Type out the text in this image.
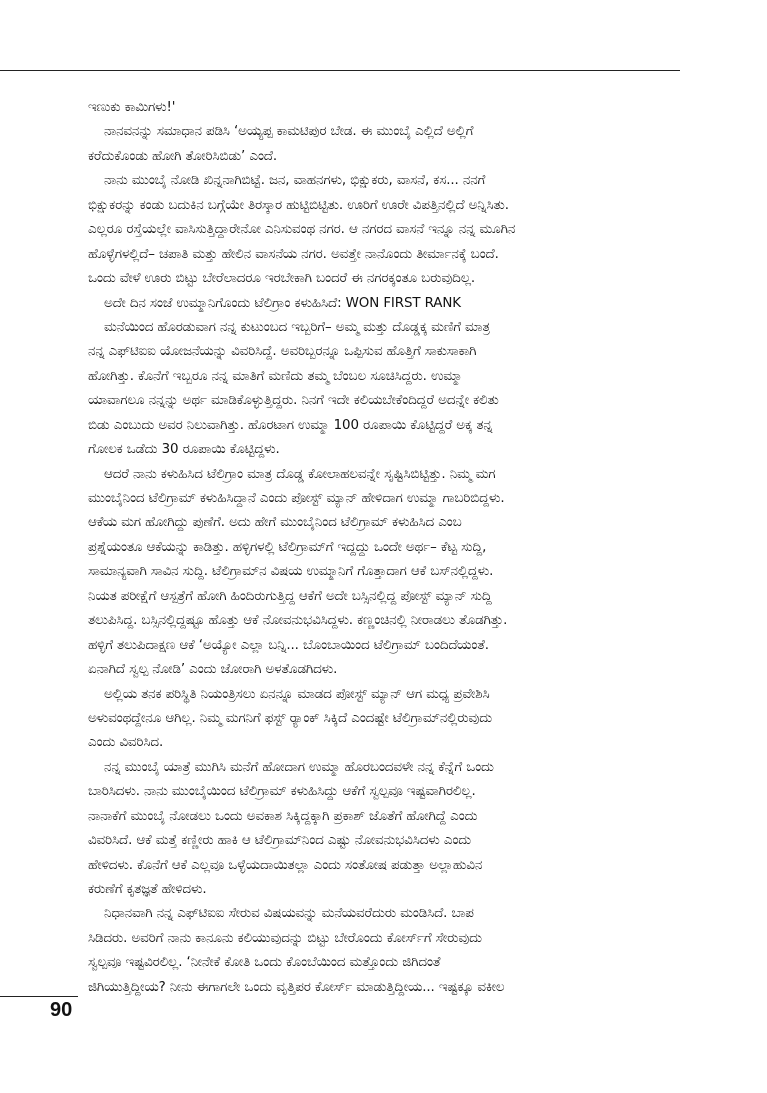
ಇಣುಕು ಕಾಮಿಗಳು!'
ನಾನವನನ್ನು ಸಮಾಧಾನ ಪಡಿಸಿ ‘ಅಯ್ಯಪ್ಪ ಕಾಮಟಿಪುರ ಬೇಡ. ಈ ಮುಂಬೈ ಎಲ್ಲಿದೆ ಅಲ್ಲಿಗೆ
ಕರೆದುಕೊಂಡು ಹೋಗಿ ತೋರಿಸಿಬಿಡು’ ಎಂದೆ.
ನಾನು ಮುಂಬೈ ನೋಡಿ ಖಿನ್ನನಾಗಿಬಿಟ್ಟೆ. ಜನ, ವಾಹನಗಳು, ಭಿಕ್ಷುಕರು, ವಾಸನೆ, ಕಸ... ನನಗೆ
ಭಿಕ್ಷುಕರನ್ನು ಕಂಡು ಬದುಕಿನ ಬಗ್ಗೆಯೇ ತಿರಸ್ಕಾರ ಹುಟ್ಟಿಬಿಟ್ಟಿತು. ಊರಿಗೆ ಊರೇ ವಿಪತ್ತಿನಲ್ಲಿದೆ ಅನ್ನಿಸಿತು.
ಎಲ್ಲರೂ ರಸ್ತೆಯಲ್ಲೇ ವಾಸಿಸುತ್ತಿದ್ದಾರೇನೋ ಎನಿಸುವಂಥ ನಗರ. ಆ ನಗರದ ವಾಸನೆ ಇನ್ನೂ ನನ್ನ ಮೂಗಿನ
ಹೊಳ್ಳೆಗಳಲ್ಲಿದೆ– ಚಪಾತಿ ಮತ್ತು ಹೇಲಿನ ವಾಸನೆಯ ನಗರ. ಅವತ್ತೇ ನಾನೊಂದು ತೀರ್ಮಾನಕ್ಕೆ ಬಂದೆ.
ಒಂದು ವೇಳೆ ಊರು ಬಿಟ್ಟು ಬೇರೆಲಾದರೂ ಇರಬೇಕಾಗಿ ಬಂದರೆ ಈ ನಗರಕ್ಕಂತೂ ಬರುವುದಿಲ್ಲ.
ಅದೇ ದಿನ ಸಂಜೆ ಉಮ್ಮಾನಿಗೊಂದು ಟೆಲಿಗ್ರಾಂ ಕಳುಹಿಸಿದೆ: WON FIRST RANK
ಮನೆಯಿಂದ ಹೊರಡುವಾಗ ನನ್ನ ಕುಟುಂಬದ ಇಬ್ಬರಿಗೆ– ಅಮ್ಮ ಮತ್ತು ದೊಡ್ಡಕ್ಕ ಮಣಿಗೆ ಮಾತ್ರ
ನನ್ನ ಎಫ್‌ಟಿಐಐ ಯೋಜನೆಯನ್ನು ವಿವರಿಸಿದ್ದೆ. ಅವರಿಬ್ಬರನ್ನೂ ಒಪ್ಪಿಸುವ ಹೊತ್ತಿಗೆ ಸಾಕುಸಾಕಾಗಿ
ಹೋಗಿತ್ತು. ಕೊನೆಗೆ ಇಬ್ಬರೂ ನನ್ನ ಮಾತಿಗೆ ಮಣಿದು ತಮ್ಮ ಬೆಂಬಲ ಸೂಚಿಸಿದ್ದರು. ಉಮ್ಮಾ
ಯಾವಾಗಲೂ ನನ್ನನ್ನು ಅರ್ಥ ಮಾಡಿಕೊಳ್ಳುತ್ತಿದ್ದರು. ನಿನಗೆ ಇದೇ ಕಲಿಯಬೇಕೆಂದಿದ್ದರೆ ಅದನ್ನೇ ಕಲಿತು
ಬಿಡು ಎಂಬುದು ಅವರ ನಿಲುವಾಗಿತ್ತು. ಹೊರಟಾಗ ಉಮ್ಮಾ 100 ರೂಪಾಯಿ ಕೊಟ್ಟಿದ್ದರೆ ಅಕ್ಕ ತನ್ನ
ಗೋಲಕ ಒಡೆದು 30 ರೂಪಾಯಿ ಕೊಟ್ಟಿದ್ದಳು.
ಆದರೆ ನಾನು ಕಳುಹಿಸಿದ ಟೆಲಿಗ್ರಾಂ ಮಾತ್ರ ದೊಡ್ಡ ಕೋಲಾಹಲವನ್ನೇ ಸೃಷ್ಟಿಸಿಬಿಟ್ಟಿತ್ತು. ನಿಮ್ಮ ಮಗ
ಮುಂಬೈನಿಂದ ಟೆಲಿಗ್ರಾಮ್ ಕಳುಹಿಸಿದ್ದಾನೆ ಎಂದು ಪೋಸ್ಟ್ ಮ್ಯಾನ್ ಹೇಳಿದಾಗ ಉಮ್ಮಾ ಗಾಬರಿಬಿದ್ದಳು.
ಆಕೆಯ ಮಗ ಹೋಗಿದ್ದು ಪುಣೆಗೆ. ಅದು ಹೇಗೆ ಮುಂಬೈನಿಂದ ಟೆಲಿಗ್ರಾಮ್ ಕಳುಹಿಸಿದ ಎಂಬ
ಪ್ರಶ್ನೆಯಂತೂ ಆಕೆಯನ್ನು ಕಾಡಿತ್ತು. ಹಳ್ಳಿಗಳಲ್ಲಿ ಟೆಲಿಗ್ರಾಮ್‌ಗೆ ಇದ್ದದ್ದು ಒಂದೇ ಅರ್ಥ– ಕೆಟ್ಟ ಸುದ್ದಿ,
ಸಾಮಾನ್ಯವಾಗಿ ಸಾವಿನ ಸುದ್ದಿ. ಟೆಲಿಗ್ರಾಮ್‌ನ ವಿಷಯ ಉಮ್ಮಾನಿಗೆ ಗೊತ್ತಾದಾಗ ಆಕೆ ಬಸ್‌ನಲ್ಲಿದ್ದಳು.
ನಿಯತ ಪರೀಕ್ಷೆಗೆ ಆಸ್ಪತ್ರೆಗೆ ಹೋಗಿ ಹಿಂದಿರುಗುತ್ತಿದ್ದ ಆಕೆಗೆ ಅದೇ ಬಸ್ಸಿನಲ್ಲಿದ್ದ ಪೋಸ್ಟ್ ಮ್ಯಾನ್ ಸುದ್ದಿ
ತಲುಪಿಸಿದ್ದ. ಬಸ್ಸಿನಲ್ಲಿದ್ದಷ್ಟೂ ಹೊತ್ತು ಆಕೆ ನೋವನುಭವಿಸಿದ್ದಳು. ಕಣ್ಣಂಚಿನಲ್ಲಿ ನೀರಾಡಲು ತೊಡಗಿತ್ತು.
ಹಳ್ಳಿಗೆ ತಲುಪಿದಾಕ್ಷಣ ಆಕೆ ‘ಅಯ್ಯೋ ಎಲ್ಲಾ ಬನ್ನಿ... ಬೊಂಬಾಯಿಂದ ಟೆಲಿಗ್ರಾಮ್ ಬಂದಿದೆಯಂತೆ.
ಏನಾಗಿದೆ ಸ್ವಲ್ಪ ನೋಡಿ’ ಎಂದು ಜೋರಾಗಿ ಅಳತೊಡಗಿದಳು.
ಅಲ್ಲಿಯ ತನಕ ಪರಿಸ್ಥಿತಿ ನಿಯಂತ್ರಿಸಲು ಏನನ್ನೂ ಮಾಡದ ಪೋಸ್ಟ್ ಮ್ಯಾನ್ ಆಗ ಮಧ್ಯ ಪ್ರವೇಶಿಸಿ
ಅಳುವಂಥದ್ದೇನೂ ಆಗಿಲ್ಲ. ನಿಮ್ಮ ಮಗನಿಗೆ ಫಸ್ಟ್ ರ‍್ಯಾಂಕ್ ಸಿಕ್ಕಿದೆ ಎಂದಷ್ಟೇ ಟೆಲಿಗ್ರಾಮ್‌ನಲ್ಲಿರುವುದು
ಎಂದು ವಿವರಿಸಿದ.
ನನ್ನ ಮುಂಬೈ ಯಾತ್ರೆ ಮುಗಿಸಿ ಮನೆಗೆ ಹೋದಾಗ ಉಮ್ಮಾ ಹೊರಬಂದವಳೇ ನನ್ನ ಕೆನ್ನೆಗೆ ಒಂದು
ಬಾರಿಸಿದಳು. ನಾನು ಮುಂಬೈಯಿಂದ ಟೆಲಿಗ್ರಾಮ್ ಕಳುಹಿಸಿದ್ದು ಆಕೆಗೆ ಸ್ವಲ್ಪವೂ ಇಷ್ಟವಾಗಿರಲಿಲ್ಲ.
ನಾನಾಕೆಗೆ ಮುಂಬೈ ನೋಡಲು ಒಂದು ಅವಕಾಶ ಸಿಕ್ಕಿದ್ದಕ್ಕಾಗಿ ಪ್ರಕಾಶ್ ಜೊತೆಗೆ ಹೋಗಿದ್ದೆ ಎಂದು
ವಿವರಿಸಿದೆ. ಆಕೆ ಮತ್ತೆ ಕಣ್ಣೀರು ಹಾಕಿ ಆ ಟೆಲಿಗ್ರಾಮ್‌ನಿಂದ ಎಷ್ಟು ನೋವನುಭವಿಸಿದಳು ಎಂದು
ಹೇಳಿದಳು. ಕೊನೆಗೆ ಆಕೆ ಎಲ್ಲವೂ ಒಳ್ಳೆಯದಾಯಿತಲ್ಲಾ ಎಂದು ಸಂತೋಷ ಪಡುತ್ತಾ ಅಲ್ಲಾಹುವಿನ
ಕರುಣೆಗೆ ಕೃತಜ್ಞತೆ ಹೇಳಿದಳು.
ನಿಧಾನವಾಗಿ ನನ್ನ ಎಫ್‌ಟಿಐಐ ಸೇರುವ ವಿಷಯವನ್ನು ಮನೆಯವರೆದುರು ಮಂಡಿಸಿದೆ. ಬಾಪ
ಸಿಡಿದರು. ಅವರಿಗೆ ನಾನು ಕಾನೂನು ಕಲಿಯುವುದನ್ನು ಬಿಟ್ಟು ಬೇರೊಂದು ಕೋರ್ಸ್‌ಗೆ ಸೇರುವುದು
ಸ್ವಲ್ಪವೂ ಇಷ್ಟವಿರಲಿಲ್ಲ. ‘ನೀನೇಕೆ ಕೋತಿ ಒಂದು ಕೊಂಬೆಯಿಂದ ಮತ್ತೊಂದು ಜಿಗಿದಂತೆ
ಜಿಗಿಯುತ್ತಿದ್ದೀಯ? ನೀನು ಈಗಾಗಲೇ ಒಂದು ವೃತ್ತಿಪರ ಕೋರ್ಸ್ ಮಾಡುತ್ತಿದ್ದೀಯ... ಇಷ್ಟಕ್ಕೂ ವಕೀಲ
90
